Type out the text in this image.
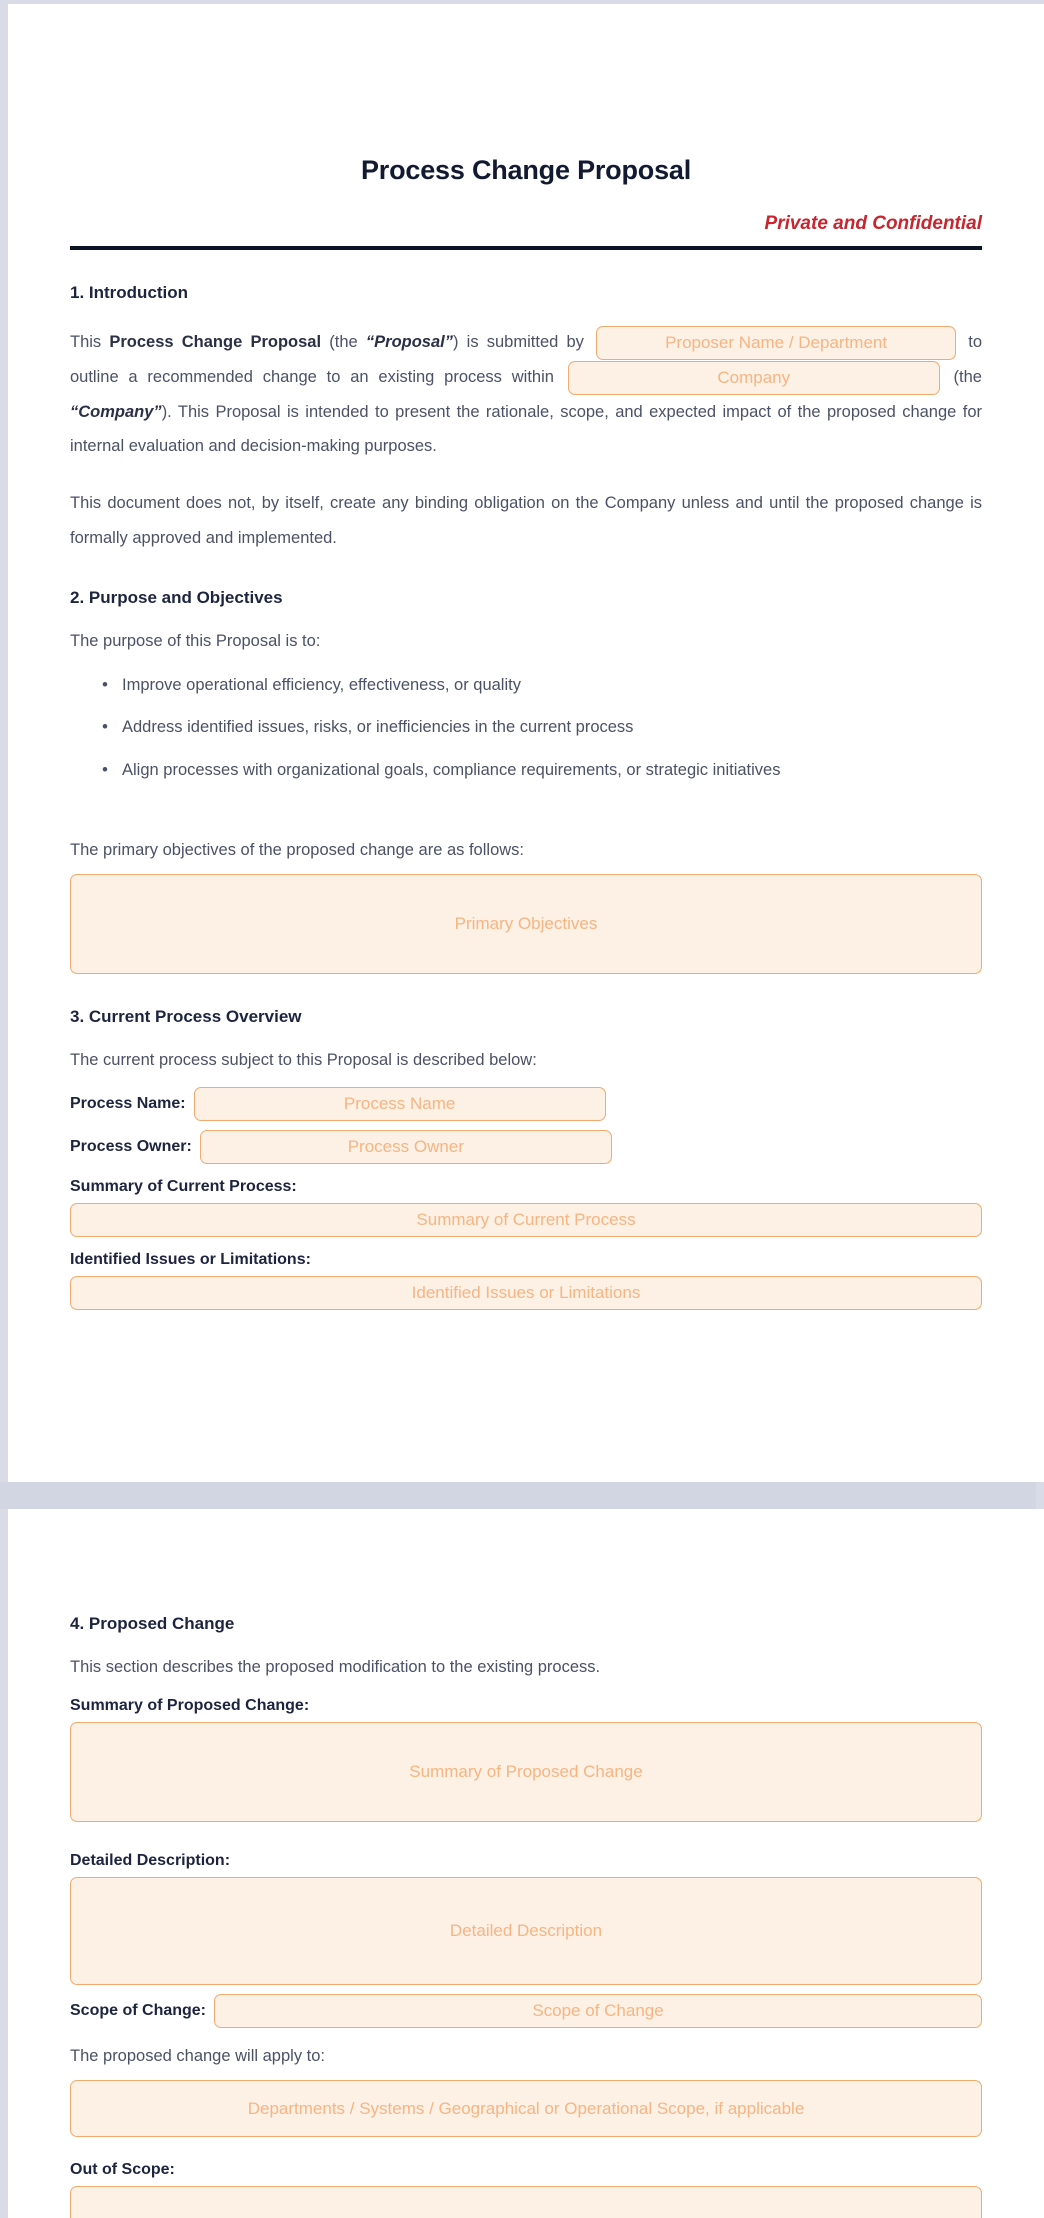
Process Change Proposal
Private and Confidential
1. Introduction

This Process Change Proposal (the “Proposal”) is submitted by	Proposer Name / Department	to outline a recommended change to an existing process within	Company	(the “Company”). This Proposal is intended to present the rationale, scope, and expected impact of the proposed change for internal evaluation and decision-making purposes.

This document does not, by itself, create any binding obligation on the Company unless and until the proposed change is formally approved and implemented.

2. Purpose and Objectives

The purpose of this Proposal is to:

• Improve operational efficiency, effectiveness, or quality
• Address identified issues, risks, or inefficiencies in the current process
• Align processes with organizational goals, compliance requirements, or strategic initiatives

The primary objectives of the proposed change are as follows:

Primary Objectives
3. Current Process Overview

The current process subject to this Proposal is described below:

Process Name:	Process Name
Process Owner:	Process Owner
Summary of Current Process:
Summary of Current Process
Identified Issues or Limitations:
Identified Issues or Limitations
4. Proposed Change

This section describes the proposed modification to the existing process.

Summary of Proposed Change:
Summary of Proposed Change
Detailed Description:
Detailed Description
Scope of Change:	Scope of Change

The proposed change will apply to:

Departments / Systems / Geographical or Operational Scope, if applicable
Out of Scope:
